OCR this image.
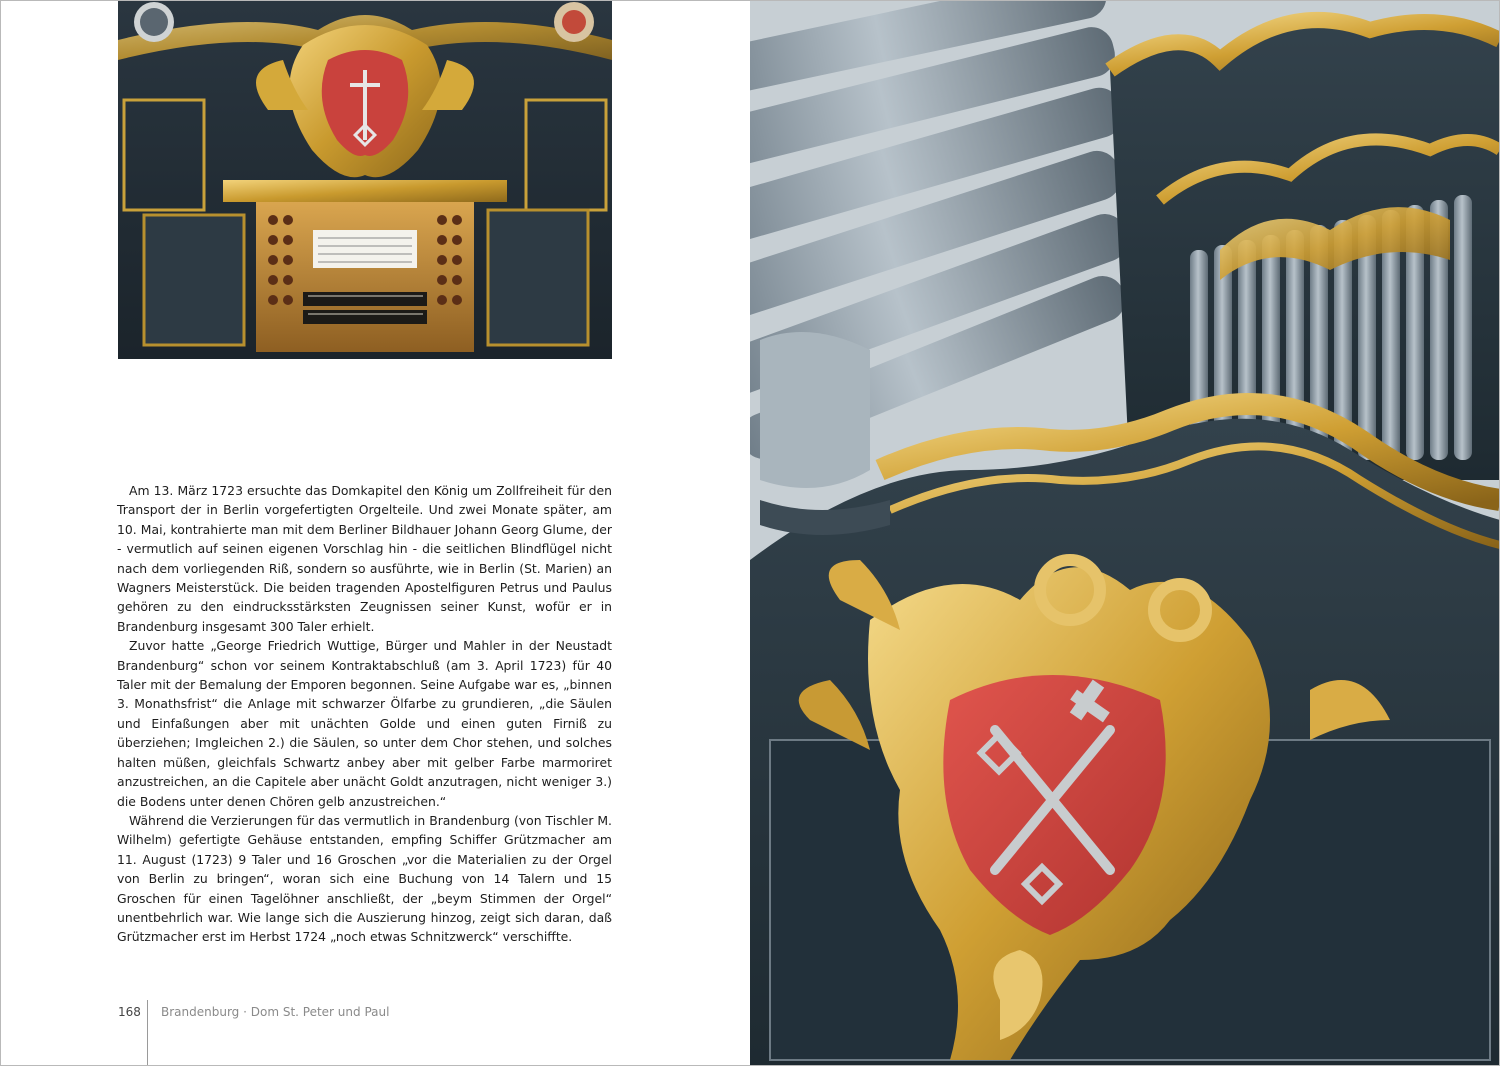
Am 13. März 1723 ersuchte das Domkapitel den König um Zollfreiheit für den Transport der in Berlin vorgefertigten Orgelteile. Und zwei Monate später, am 10. Mai, kontrahierte man mit dem Berliner Bildhauer Johann Georg Glume, der - vermutlich auf seinen eigenen Vorschlag hin - die seitlichen Blindflügel nicht nach dem vorliegenden Riß, sondern so ausführte, wie in Berlin (St. Marien) an Wagners Meisterstück. Die beiden tragenden Apostelfiguren Petrus und Paulus gehören zu den eindrucksstärksten Zeugnissen seiner Kunst, wofür er in Brandenburg insgesamt 300 Taler erhielt.

Zuvor hatte „George Friedrich Wuttige, Bürger und Mahler in der Neustadt Brandenburg“ schon vor seinem Kontraktabschluß (am 3. April 1723) für 40 Taler mit der Bemalung der Emporen begonnen. Seine Aufgabe war es, „binnen 3. Monathsfrist“ die Anlage mit schwarzer Ölfarbe zu grundieren, „die Säulen und Einfaßungen aber mit unächten Golde und einen guten Firniß zu überziehen; Imgleichen 2.) die Säulen, so unter dem Chor stehen, und solches halten müßen, gleichfals Schwartz anbey aber mit gelber Farbe marmoriret anzustreichen, an die Capitele aber unächt Goldt anzutragen, nicht weniger 3.) die Bodens unter denen Chören gelb anzustreichen.“

Während die Verzierungen für das vermutlich in Brandenburg (von Tischler M. Wilhelm) gefertigte Gehäuse entstanden, empfing Schiffer Grützmacher am 11. August (1723) 9 Taler und 16 Groschen „vor die Materialien zu der Orgel von Berlin zu bringen“, woran sich eine Buchung von 14 Talern und 15 Groschen für einen Tagelöhner anschließt, der „beym Stimmen der Orgel“ unentbehrlich war. Wie lange sich die Auszierung hinzog, zeigt sich daran, daß Grützmacher erst im Herbst 1724 „noch etwas Schnitzwerck“ verschiffte.

168 Brandenburg · Dom St. Peter und Paul
